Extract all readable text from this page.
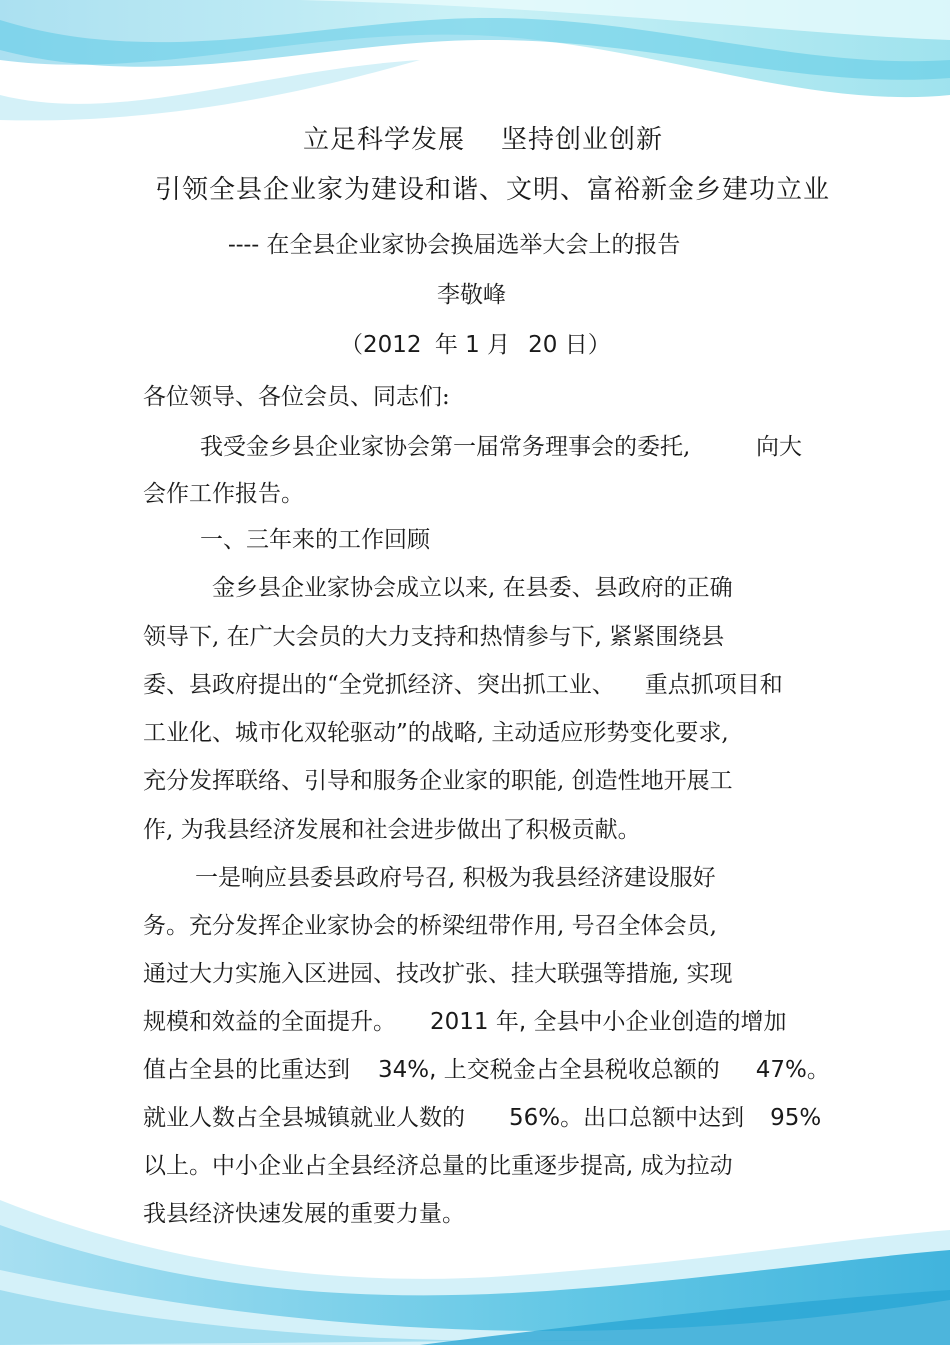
立足科学发展 坚持创业创新
引领全县企业家为建设和谐、文明、富裕新金乡建功立业
---- 在全县企业家协会换届选举大会上的报告
李敬峰
（2012 年 1 月 20 日）
各位领导、各位会员、同志们:
我受金乡县企业家协会第一届常务理事会的委托,	向大
会作工作报告。
一、三年来的工作回顾
金乡县企业家协会成立以来, 在县委、县政府的正确
领导下, 在广大会员的大力支持和热情参与下, 紧紧围绕县
委、县政府提出的“全党抓经济、突出抓工业、 重点抓项目和
工业化、城市化双轮驱动”的战略, 主动适应形势变化要求,
充分发挥联络、引导和服务企业家的职能, 创造性地开展工
作, 为我县经济发展和社会进步做出了积极贡献。
一是响应县委县政府号召, 积极为我县经济建设服好
务。充分发挥企业家协会的桥梁纽带作用, 号召全体会员,
通过大力实施入区进园、技改扩张、挂大联强等措施, 实现
规模和效益的全面提升。 2011 年, 全县中小企业创造的增加
值占全县的比重达到 34%, 上交税金占全县税收总额的 47%。
就业人数占全县城镇就业人数的 56%。出口总额中达到 95%
以上。中小企业占全县经济总量的比重逐步提高, 成为拉动
我县经济快速发展的重要力量。
